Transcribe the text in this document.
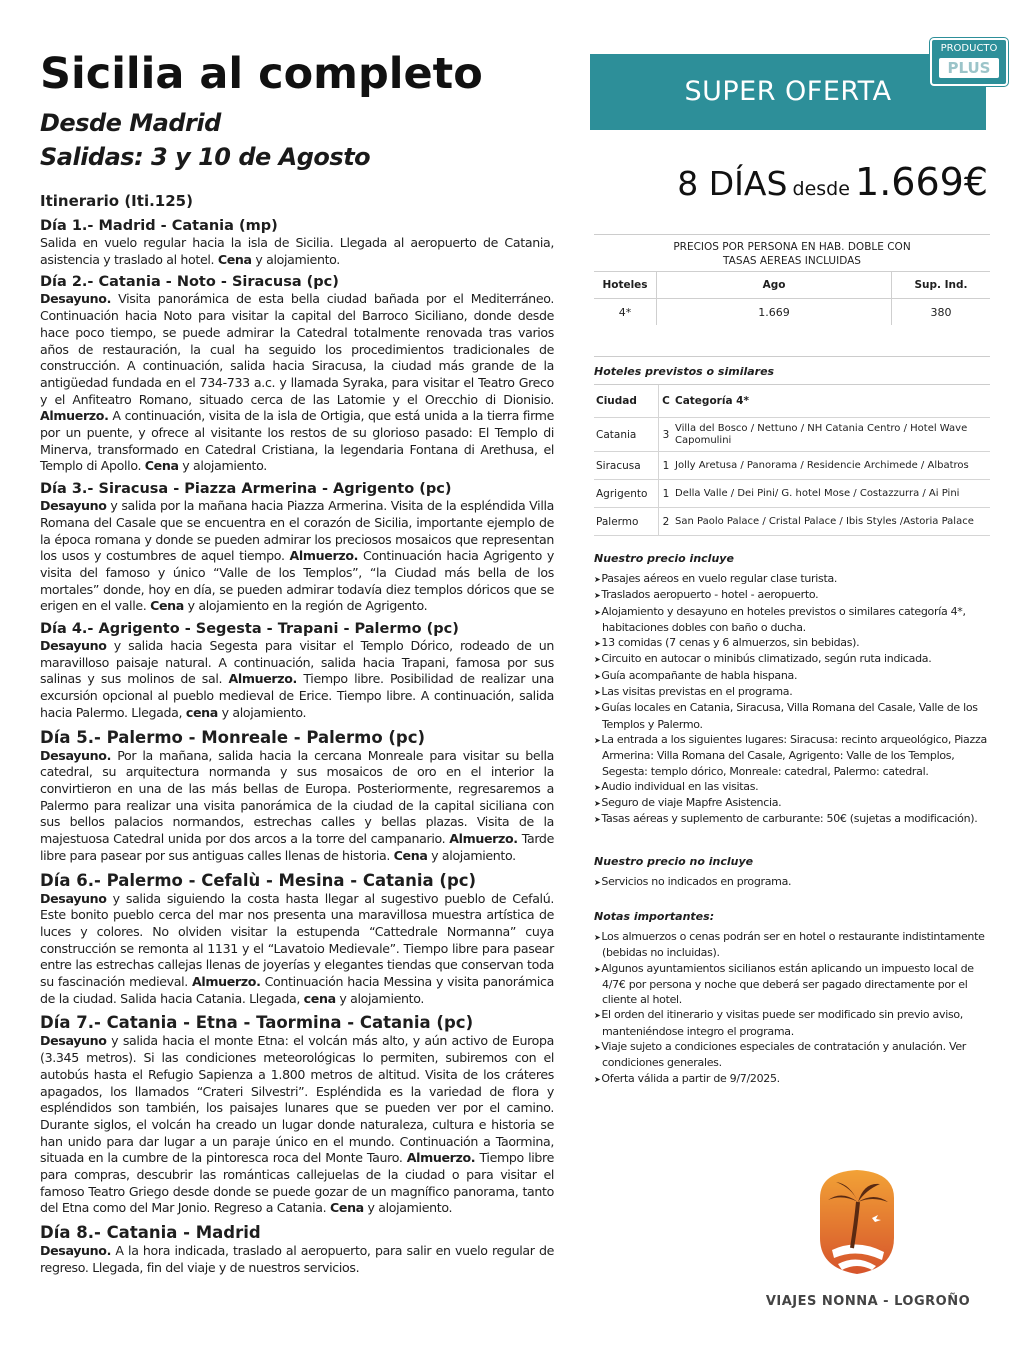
Sicilia al completo
Desde Madrid
Salidas: 3 y 10 de Agosto
Itinerario (Iti.125)
Día 1.- Madrid - Catania (mp)

Salida en vuelo regular hacia la isla de Sicilia. Llegada al aeropuerto de Catania, asistencia y traslado al hotel. Cena y alojamiento.

Día 2.- Catania - Noto - Siracusa (pc)

Desayuno. Visita panorámica de esta bella ciudad bañada por el Mediterráneo. Continuación hacia Noto para visitar la capital del Barroco Siciliano, donde desde hace poco tiempo, se puede admirar la Catedral totalmente renovada tras varios años de restauración, la cual ha seguido los procedimientos tradicionales de construcción. A continuación, salida hacia Siracusa, la ciudad más grande de la antigüedad fundada en el 734-733 a.c. y llamada Syraka, para visitar el Teatro Greco y el Anfiteatro Romano, situado cerca de las Latomie y el Orecchio di Dionisio. Almuerzo. A continuación, visita de la isla de Ortigia, que está unida a la tierra firme por un puente, y ofrece al visitante los restos de su glorioso pasado: El Templo di Minerva, transformado en Catedral Cristiana, la legendaria Fontana di Arethusa, el Templo di Apollo. Cena y alojamiento.

Día 3.- Siracusa - Piazza Armerina - Agrigento (pc)

Desayuno y salida por la mañana hacia Piazza Armerina. Visita de la espléndida Villa Romana del Casale que se encuentra en el corazón de Sicilia, importante ejemplo de la época romana y donde se pueden admirar los preciosos mosaicos que representan los usos y costumbres de aquel tiempo. Almuerzo. Continuación hacia Agrigento y visita del famoso y único “Valle de los Templos”, “la Ciudad más bella de los mortales” donde, hoy en día, se pueden admirar todavía diez templos dóricos que se erigen en el valle. Cena y alojamiento en la región de Agrigento.

Día 4.- Agrigento - Segesta - Trapani - Palermo (pc)

Desayuno y salida hacia Segesta para visitar el Templo Dórico, rodeado de un maravilloso paisaje natural. A continuación, salida hacia Trapani, famosa por sus salinas y sus molinos de sal. Almuerzo. Tiempo libre. Posibilidad de realizar una excursión opcional al pueblo medieval de Erice. Tiempo libre. A continuación, salida hacia Palermo. Llegada, cena y alojamiento.

Día 5.- Palermo - Monreale - Palermo (pc)

Desayuno. Por la mañana, salida hacia la cercana Monreale para visitar su bella catedral, su arquitectura normanda y sus mosaicos de oro en el interior la convirtieron en una de las más bellas de Europa. Posteriormente, regresaremos a Palermo para realizar una visita panorámica de la ciudad de la capital siciliana con sus bellos palacios normandos, estrechas calles y bellas plazas. Visita de la majestuosa Catedral unida por dos arcos a la torre del campanario. Almuerzo. Tarde libre para pasear por sus antiguas calles llenas de historia. Cena y alojamiento.

Día 6.- Palermo - Cefalù - Mesina - Catania (pc)

Desayuno y salida siguiendo la costa hasta llegar al sugestivo pueblo de Cefalú. Este bonito pueblo cerca del mar nos presenta una maravillosa muestra artística de luces y colores. No olviden visitar la estupenda “Cattedrale Normanna” cuya construcción se remonta al 1131 y el “Lavatoio Medievale”. Tiempo libre para pasear entre las estrechas callejas llenas de joyerías y elegantes tiendas que conservan toda su fascinación medieval. Almuerzo. Continuación hacia Messina y visita panorámica de la ciudad. Salida hacia Catania. Llegada, cena y alojamiento.

Día 7.- Catania - Etna - Taormina - Catania (pc)

Desayuno y salida hacia el monte Etna: el volcán más alto, y aún activo de Europa (3.345 metros). Si las condiciones meteorológicas lo permiten, subiremos con el autobús hasta el Refugio Sapienza a 1.800 metros de altitud. Visita de los cráteres apagados, los llamados “Crateri Silvestri”. Espléndida es la variedad de flora y espléndidos son también, los paisajes lunares que se pueden ver por el camino. Durante siglos, el volcán ha creado un lugar donde naturaleza, cultura e historia se han unido para dar lugar a un paraje único en el mundo. Continuación a Taormina, situada en la cumbre de la pintoresca roca del Monte Tauro. Almuerzo. Tiempo libre para compras, descubrir las románticas callejuelas de la ciudad o para visitar el famoso Teatro Griego desde donde se puede gozar de un magnífico panorama, tanto del Etna como del Mar Jonio. Regreso a Catania. Cena y alojamiento.

Día 8.- Catania - Madrid

Desayuno. A la hora indicada, traslado al aeropuerto, para salir en vuelo regular de regreso. Llegada, fin del viaje y de nuestros servicios.

SUPER OFERTA
PRODUCTO
PLUS
8 DÍAS desde 1.669€
PRECIOS POR PERSONA EN HAB. DOBLE CON
TASAS AEREAS INCLUIDAS
Hoteles	Ago	Sup. Ind.
4*	1.669	380
Hoteles previstos o similares
Ciudad	C	Categoría 4*
Catania	3	Villa del Bosco / Nettuno / NH Catania Centro / Hotel Wave Capomulini
Siracusa	1	Jolly Aretusa / Panorama / Residencie Archimede / Albatros
Agrigento	1	Della Valle / Dei Pini/ G. hotel Mose / Costazzurra / Ai Pini
Palermo	2	San Paolo Palace / Cristal Palace / Ibis Styles /Astoria Palace
Nuestro precio incluye
➤ Pasajes aéreos en vuelo regular clase turista.
➤ Traslados aeropuerto - hotel - aeropuerto.
➤ Alojamiento y desayuno en hoteles previstos o similares categoría 4*, habitaciones dobles con baño o ducha.
➤ 13 comidas (7 cenas y 6 almuerzos, sin bebidas).
➤ Circuito en autocar o minibús climatizado, según ruta indicada.
➤ Guía acompañante de habla hispana.
➤ Las visitas previstas en el programa.
➤ Guías locales en Catania, Siracusa, Villa Romana del Casale, Valle de los Templos y Palermo.
➤ La entrada a los siguientes lugares: Siracusa: recinto arqueológico, Piazza Armerina: Villa Romana del Casale, Agrigento: Valle de los Templos, Segesta: templo dórico, Monreale: catedral, Palermo: catedral.
➤ Audio individual en las visitas.
➤ Seguro de viaje Mapfre Asistencia.
➤ Tasas aéreas y suplemento de carburante: 50€ (sujetas a modificación).
Nuestro precio no incluye
➤ Servicios no indicados en programa.
Notas importantes:
➤ Los almuerzos o cenas podrán ser en hotel o restaurante indistintamente (bebidas no incluidas).
➤ Algunos ayuntamientos sicilianos están aplicando un impuesto local de 4/7€ por persona y noche que deberá ser pagado directamente por el cliente al hotel.
➤ El orden del itinerario y visitas puede ser modificado sin previo aviso, manteniéndose integro el programa.
➤ Viaje sujeto a condiciones especiales de contratación y anulación. Ver condiciones generales.
➤ Oferta válida a partir de 9/7/2025.
VIAJES NONNA - LOGROÑO
